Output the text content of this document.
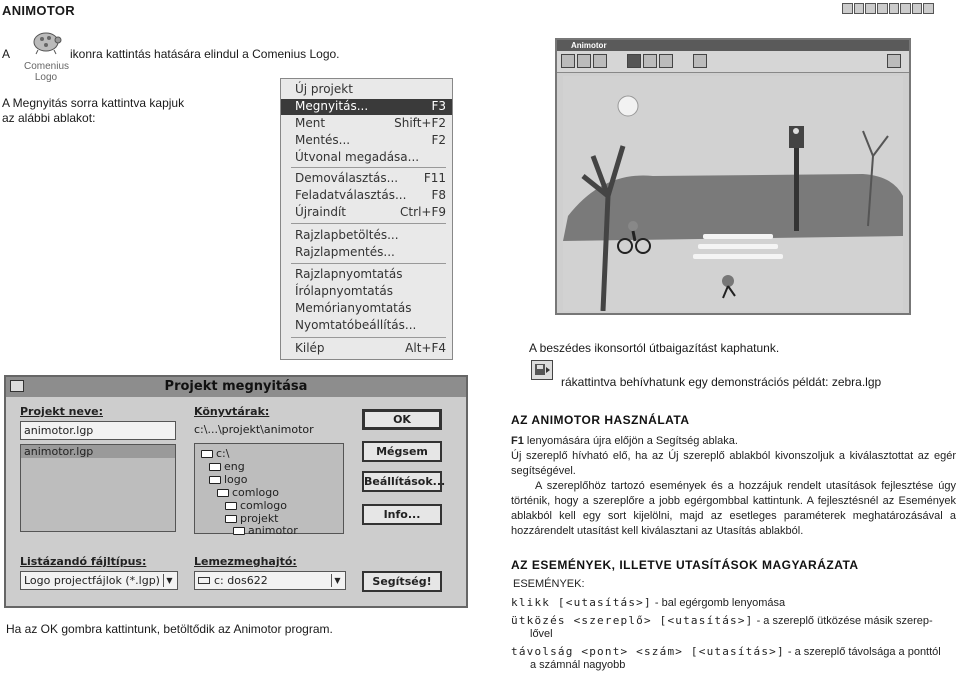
ANIMOTOR
A
Comenius
Logo
ikonra kattintás hatására elindul a Comenius Logo.
A Megnyitás sorra kattintva kapjuk
az alábbi ablakot:
Új projekt
Megnyitás...	F3
Ment	Shift+F2
Mentés...	F2
Útvonal megadása...
Demoválasztás... F11
Feladatválasztás... F8
Újraindít	Ctrl+F9
Rajzlapbetöltés...
Rajzlapmentés...
Rajzlapnyomtatás
Írólapnyomtatás
Memórianyomtatás
Nyomtatóbeállítás...
Kilép	Alt+F4
Animotor
A beszédes ikonsortól útbaigazítást kaphatunk.
rákattintva behívhatunk egy demonstrációs példát: zebra.lgp
Projekt megnyitása
Projekt neve:
animotor.lgp
animotor.lgp
Könyvtárak:
c:\...\projekt\animotor
c:\
eng
logo
comlogo
comlogo
projekt
animotor
OK
Mégsem
Beállítások...
Info...
Listázandó fájltípus:
Logo projectfájlok (*.lgp) ▼
Lemezmeghajtó:
c: dos622	▼	Segítség!
Ha az OK gombra kattintunk, betöltődik az Animotor program.
AZ ANIMOTOR HASZNÁLATA
F1 lenyomására újra előjön a Segítség ablaka.
Új szereplő hívható elő, ha az Új szereplő ablakból kivonszoljuk a kiválasztottat az egér segítségével.
A szereplőhöz tartozó események és a hozzájuk rendelt utasítások fejlesztése úgy történik, hogy a szereplőre a jobb egérgombbal kattintunk. A fejlesztésnél az Események ablakból kell egy sort kijelölni, majd az esetleges paraméterek meghatározásával a hozzárendelt utasítást kell kiválasztani az Utasítás ablakból.
AZ ESEMÉNYEK, ILLETVE UTASÍTÁSOK MAGYARÁZATA
ESEMÉNYEK:
klikk [<utasítás>] - bal egérgomb lenyomása
ütközés <szereplő> [<utasítás>] - a szereplő ütközése másik szerep-
lővel
távolság <pont> <szám> [<utasítás>] - a szereplő távolsága a ponttól
a számnál nagyobb
